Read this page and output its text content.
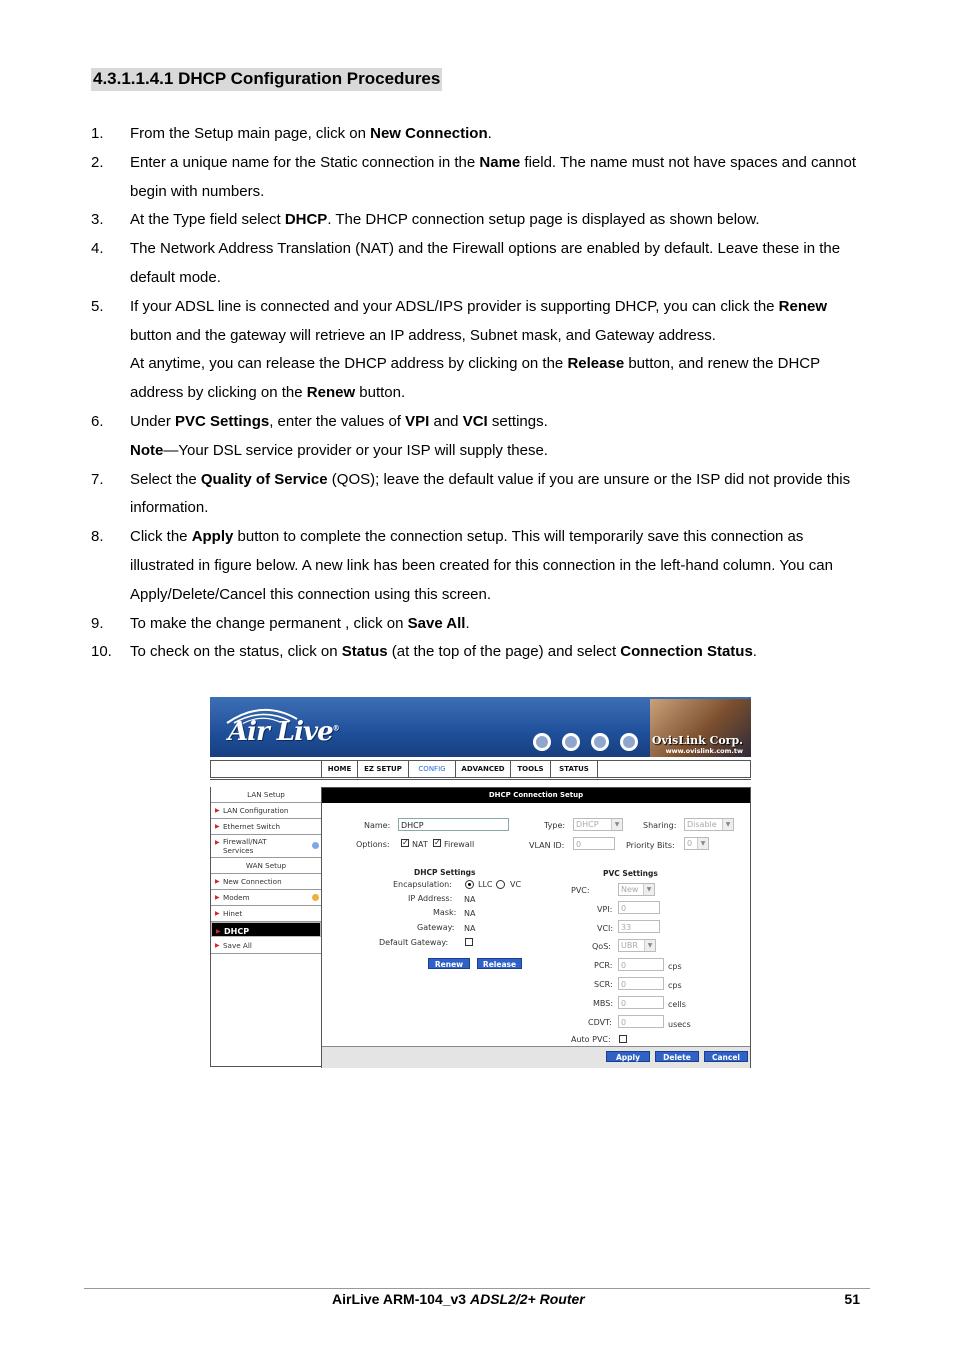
4.3.1.1.4.1 DHCP Configuration Procedures
1. From the Setup main page, click on New Connection.
2. Enter a unique name for the Static connection in the Name field. The name must not have spaces and cannot begin with numbers.
3. At the Type field select DHCP. The DHCP connection setup page is displayed as shown below.
4. The Network Address Translation (NAT) and the Firewall options are enabled by default. Leave these in the default mode.
5. If your ADSL line is connected and your ADSL/IPS provider is supporting DHCP, you can click the Renew button and the gateway will retrieve an IP address, Subnet mask, and Gateway address.
At anytime, you can release the DHCP address by clicking on the Release button, and renew the DHCP address by clicking on the Renew button.
6. Under PVC Settings, enter the values of VPI and VCI settings.
Note—Your DSL service provider or your ISP will supply these.
7. Select the Quality of Service (QOS); leave the default value if you are unsure or the ISP did not provide this information.
8. Click the Apply button to complete the connection setup. This will temporarily save this connection as illustrated in figure below. A new link has been created for this connection in the left-hand column. You can Apply/Delete/Cancel this connection using this screen.
9. To make the change permanent , click on Save All.
10. To check on the status, click on Status (at the top of the page) and select Connection Status.
Air Live®
OvisLink Corp.
www.ovislink.com.tw
HOME	EZ SETUP	CONFIG	ADVANCED	TOOLS	STATUS
LAN Setup
▶ LAN Configuration
▶ Ethernet Switch
▶ Firewall/NAT
Services
WAN Setup
▶ New Connection
▶ Modem
▶ Hinet
▶ DHCP
▶ Save All
DHCP Connection Setup
Name:	DHCP	Type:	DHCP	▼	Sharing:	Disable	▼
Options: ✓ NAT ✓ Firewall	VLAN ID:	0	Priority Bits:	0	▼
DHCP Settings
Encapsulation:	LLC VC
IP Address: NA
Mask: NA
Gateway: NA
Default Gateway:
Renew	Release
PVC Settings
PVC:	New	▼
VPI:	0
VCI: 33
QoS:	UBR	▼
PCR:	0	cps
SCR:	0	cps
MBS: 0	cells
CDVT:	0	usecs
Auto PVC:
Apply	Delete	Cancel
AirLive ARM-104_v3 ADSL2/2+ Router	51
